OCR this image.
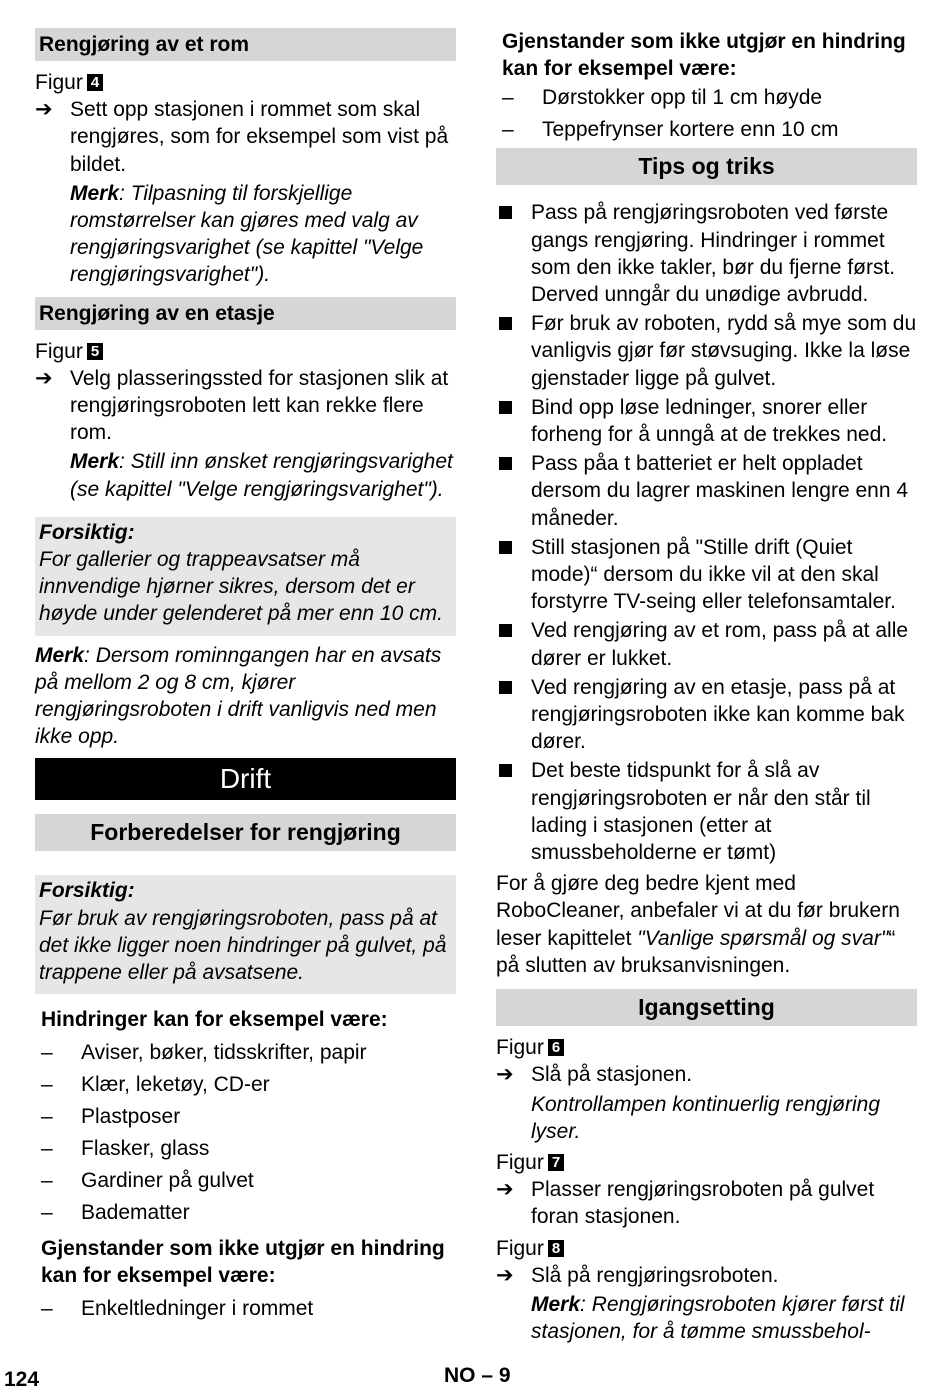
Rengjøring av et rom
Figur 4
➔ Sett opp stasjonen i rommet som skal rengjøres, som for eksempel som vist på bildet.
Merk: Tilpasning til forskjellige romstørrelser kan gjøres med valg av rengjøringsvarighet (se kapittel "Velge rengjøringsvarighet").
Rengjøring av en etasje
Figur 5
➔ Velg plasseringssted for stasjonen slik at rengjøringsroboten lett kan rekke flere rom.
Merk: Still inn ønsket rengjøringsvarighet (se kapittel "Velge rengjøringsvarighet").
Forsiktig:
For gallerier og trappeavsatser må innvendige hjørner sikres, dersom det er høyde under gelenderet på mer enn 10 cm.
Merk: Dersom rominngangen har en avsats på mellom 2 og 8 cm, kjører rengjøringsroboten i drift vanligvis ned men ikke opp.
Drift
Forberedelser for rengjøring
Forsiktig:
Før bruk av rengjøringsroboten, pass på at det ikke ligger noen hindringer på gulvet, på trappene eller på avsatsene.
Hindringer kan for eksempel være:
– Aviser, bøker, tidsskrifter, papir
– Klær, leketøy, CD-er
– Plastposer
– Flasker, glass
– Gardiner på gulvet
– Badematter
Gjenstander som ikke utgjør en hindring kan for eksempel være:
– Enkeltledninger i rommet
Gjenstander som ikke utgjør en hindring kan for eksempel være:
– Dørstokker opp til 1 cm høyde
– Teppefrynser kortere enn 10 cm
Tips og triks
Pass på rengjøringsroboten ved første gangs rengjøring. Hindringer i rommet som den ikke takler, bør du fjerne først. Derved unngår du unødige avbrudd.
Før bruk av roboten, rydd så mye som du vanligvis gjør før støvsuging. Ikke la løse gjenstader ligge på gulvet.
Bind opp løse ledninger, snorer eller forheng for å unngå at de trekkes ned.
Pass påa t batteriet er helt oppladet dersom du lagrer maskinen lengre enn 4 måneder.
Still stasjonen på "Stille drift (Quiet mode)“ dersom du ikke vil at den skal forstyrre TV-seing eller telefonsamtaler.
Ved rengjøring av et rom, pass på at alle dører er lukket.
Ved rengjøring av en etasje, pass på at rengjøringsroboten ikke kan komme bak dører.
Det beste tidspunkt for å slå av rengjøringsroboten er når den står til lading i stasjonen (etter at smussbeholderne er tømt)
For å gjøre deg bedre kjent med RoboCleaner, anbefaler vi at du før brukern leser kapittelet "Vanlige spørsmål og svar"“ på slutten av bruksanvisningen.
Igangsetting
Figur 6
➔ Slå på stasjonen.
Kontrollampen kontinuerlig rengjøring lyser.
Figur 7
➔ Plasser rengjøringsroboten på gulvet foran stasjonen.
Figur 8
➔ Slå på rengjøringsroboten.
Merk: Rengjøringsroboten kjører først til stasjonen, for å tømme smussbehol-
124	NO – 9
